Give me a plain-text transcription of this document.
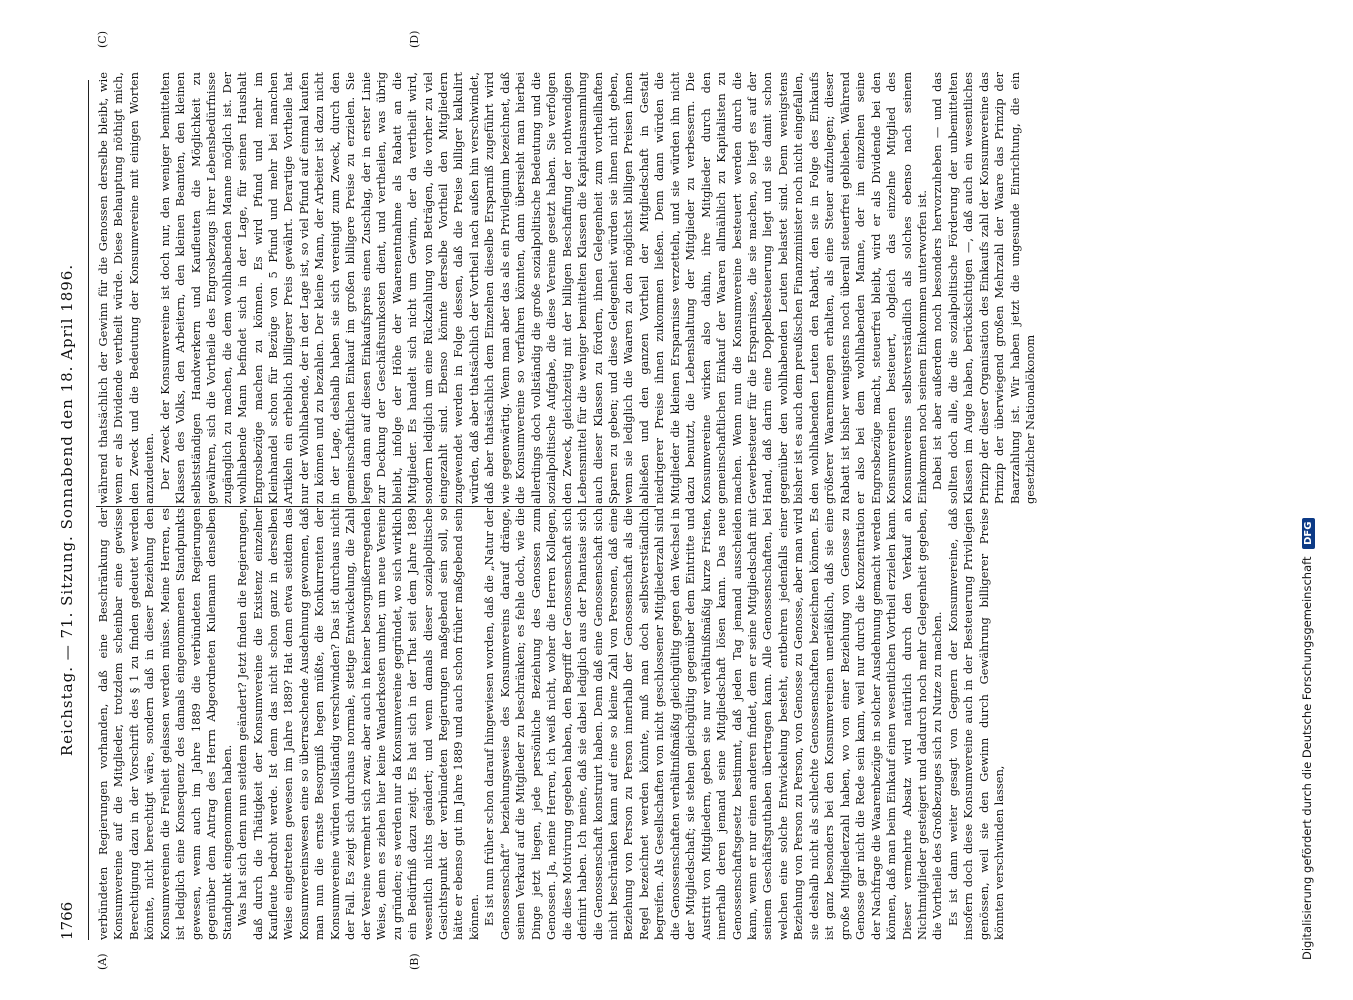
1766
Reichstag. — 71. Sitzung. Sonnabend den 18. April 1896.
(A)	(B)
(C)	(D)

verbündeten Regierungen vorhanden, daß eine Beschränkung der Konsumvereine auf die Mitglieder, trotzdem scheinbar eine gewisse Berechtigung dazu in der Vorschrift des § 1 zu finden gedeutet werden könnte, nicht berechtigt wäre, sondern daß in dieser Beziehung den Konsumvereinen die Freiheit gelassen werden müsse. Meine Herren, es ist lediglich eine Konsequenz des damals eingenommenen Standpunkts gewesen, wenn auch im Jahre 1889 die verbündeten Regierungen gegenüber dem Antrag des Herrn Abgeordneten Kulemann denselben Standpunkt eingenommen haben. Was hat sich denn nun seitdem geändert? Jetzt finden die Regierungen, daß durch die Thätigkeit der Konsumvereine die Existenz einzelner Kaufleute bedroht werde. Ist denn das nicht schon ganz in derselben Weise eingetreten gewesen im Jahre 1889? Hat denn etwa seitdem das Konsumvereinswesen eine so überraschende Ausdehnung gewonnen, daß man nun die ernste Besorgniß hegen müßte, die Konkurrenten der Konsumvereine würden vollständig verschwinden? Das ist durchaus nicht der Fall. Es zeigt sich durchaus normale, stetige Entwickelung, die Zahl der Vereine vermehrt sich zwar, aber auch in keiner besorgnißerregenden Weise, denn es ziehen hier keine Wanderkosten umher, um neue Vereine zu gründen; es werden nur da Konsumvereine gegründet, wo sich wirklich ein Bedürfniß dazu zeigt. Es hat sich in der That seit dem Jahre 1889 wesentlich nichts geändert; und wenn damals dieser sozialpolitische Gesichtspunkt der verbündeten Regierungen maßgebend sein soll, so hätte er ebenso gut im Jahre 1889 und auch schon früher maßgebend sein können. Es ist nun früher schon darauf hingewiesen worden, daß die „Natur der Genossenschaft“ beziehungsweise des Konsumvereins darauf dränge, seinen Verkauf auf die Mitglieder zu beschränken; es fehle doch, wie die Dinge jetzt liegen, jede persönliche Beziehung des Genossen zum Genossen. Ja, meine Herren, ich weiß nicht, woher die Herren Kollegen, die diese Motivirung gegeben haben, den Begriff der Genossenschaft sich definirt haben. Ich meine, daß sie dabei lediglich aus der Phantasie sich die Genossenschaft konstruirt haben. Denn daß eine Genossenschaft sich nicht beschränken kann auf eine so kleine Zahl von Personen, daß eine Beziehung von Person zu Person innerhalb der Genossenschaft als die Regel bezeichnet werden könnte, muß man doch selbstverständlich begreifen. Als Gesellschaften von nicht geschlossener Mitgliederzahl sind die Genossenschaften verhältnißmäßig gleichgültig gegen den Wechsel in der Mitgliedschaft; sie stehen gleichgültig gegenüber dem Eintritte und Austritt von Mitgliedern, geben sie nur verhältnißmäßig kurze Fristen, innerhalb deren jemand seine Mitgliedschaft lösen kann. Das neue Genossenschaftsgesetz bestimmt, daß jeden Tag jemand ausscheiden kann, wenn er nur einen anderen findet, dem er seine Mitgliedschaft mit seinem Geschäftsguthaben übertragen kann. Alle Genossenschaften, bei welchen eine solche Entwickelung besteht, entbehren jedenfalls einer Beziehung von Person zu Person, von Genosse zu Genosse, aber man wird sie deshalb nicht als schlechte Genossenschaften bezeichnen können. Es ist ganz besonders bei den Konsumvereinen unerläßlich, daß sie eine große Mitgliederzahl haben, wo von einer Beziehung von Genosse zu Genosse gar nicht die Rede sein kann, weil nur durch die Konzentration der Nachfrage die Waarenbezüge in solcher Ausdehnung gemacht werden können, daß man beim Einkauf einen wesentlichen Vortheil erzielen kann. Dieser vermehrte Absatz wird natürlich durch den Verkauf an Nichtmitglieder gesteigert und dadurch noch mehr Gelegenheit gegeben, die Vortheile des Großbezuges sich zu Nutze zu machen. Es ist dann weiter gesagt von Gegnern der Konsumvereine, daß insofern doch diese Konsumvereine auch in der Besteuerung Privilegien genössen, weil sie den Gewinn durch Gewährung billigerer Preise könnten verschwinden lassen,

während thatsächlich der Gewinn für die Genossen derselbe bleibt, wie wenn er als Dividende vertheilt würde. Diese Behauptung nöthigt mich, den Zweck und die Bedeutung der Konsumvereine mit einigen Worten anzudeuten. Der Zweck der Konsumvereine ist doch nur, den weniger bemittelten Klassen des Volks, den Arbeitern, den kleinen Beamten, den kleinen selbstständigen Handwerkern und Kaufleuten die Möglichkeit zu gewähren, sich die Vortheile des Engrosbezugs ihrer Lebensbedürfnisse zugänglich zu machen, die dem wohlhabenden Manne möglich ist. Der wohlhabende Mann befindet sich in der Lage, für seinen Haushalt Engrosbezüge machen zu können. Es wird Pfund und mehr im Kleinhandel schon für Bezüge von 5 Pfund und mehr bei manchen Artikeln ein erheblich billigerer Preis gewährt. Derartige Vortheile hat nur der Wohlhabende, der in der Lage ist, so viel Pfund auf einmal kaufen zu können und zu bezahlen. Der kleine Mann, der Arbeiter ist dazu nicht in der Lage, deshalb haben sie sich vereinigt zum Zweck, durch den gemeinschaftlichen Einkauf im großen billigere Preise zu erzielen. Sie legen dann auf diesen Einkaufspreis einen Zuschlag, der in erster Linie zur Deckung der Geschäftsunkosten dient, und vertheilen, was übrig bleibt, infolge der Höhe der Waarenentnahme als Rabatt an die Mitglieder. Es handelt sich nicht um Gewinn, der da vertheilt wird, sondern lediglich um eine Rückzahlung von Beträgen, die vorher zu viel eingezahlt sind. Ebenso könnte derselbe Vortheil den Mitgliedern zugewendet werden in Folge dessen, daß die Preise billiger kalkulirt würden, daß aber thatsächlich der Vortheil nach außen hin verschwindet, daß aber thatsächlich dem Einzelnen dieselbe Ersparniß zugeführt wird wie gegenwärtig. Wenn man aber das als ein Privilegium bezeichnet, daß die Konsumvereine so verfahren könnten, dann übersieht man hierbei allerdings doch vollständig die große sozialpolitische Bedeutung und die sozialpolitische Aufgabe, die diese Vereine gesetzt haben. Sie verfolgen den Zweck, gleichzeitig mit der billigen Beschaffung der nothwendigen Lebensmittel für die weniger bemittelten Klassen die Kapitalansammlung auch dieser Klassen zu fördern, ihnen Gelegenheit zum vortheilhaften Sparen zu geben; und diese Gelegenheit würden sie ihnen nicht geben, wenn sie lediglich die Waaren zu den möglichst billigen Preisen ihnen abließen und den ganzen Vortheil der Mitgliedschaft in Gestalt niedrigerer Preise ihnen zukommen ließen. Denn dann würden die Mitglieder die kleinen Ersparnisse verzetteln, und sie würden ihn nicht dazu benutzt, die Lebenshaltung der Mitglieder zu verbessern. Die Konsumvereine wirken also dahin, ihre Mitglieder durch den gemeinschaftlichen Einkauf der Waaren allmählich zu Kapitalisten zu machen. Wenn nun die Konsumvereine besteuert werden durch die Gewerbesteuer für die Ersparnisse, die sie machen, so liegt es auf der Hand, daß darin eine Doppelbesteuerung liegt und sie damit schon gegenüber den wohlhabenden Leuten belastet sind. Denn wenigstens bisher ist es auch dem preußischen Finanzminister noch nicht eingefallen, den wohlhabenden Leuten den Rabatt, den sie in Folge des Einkaufs größerer Waarenmengen erhalten, als eine Steuer aufzulegen; dieser Rabatt ist bisher wenigstens noch überall steuerfrei geblieben. Während er also bei dem wohlhabenden Manne, der im einzelnen seine Engrosbezüge macht, steuerfrei bleibt, wird er als Dividende bei den Konsumvereinen besteuert, obgleich das einzelne Mitglied des Konsumvereins selbstverständlich als solches ebenso nach seinem Einkommen noch seinem Einkommen unterworfen ist. Dabei ist aber außerdem noch besonders hervorzuheben — und das sollten doch alle, die die sozialpolitische Förderung der unbemittelten Klassen im Auge haben, berücksichtigen —, daß auch ein wesentliches Prinzip der dieser Organisation des Einkaufs zahl der Konsumvereine das Prinzip der überwiegend großen Mehrzahl der Waare das Prinzip der Baarzahlung ist. Wir haben jetzt die ungesunde Einrichtung, die ein gesetzlicher Nationalökonom

Digitalisierung gefördert durch die Deutsche Forschungsgemeinschaft DFG
